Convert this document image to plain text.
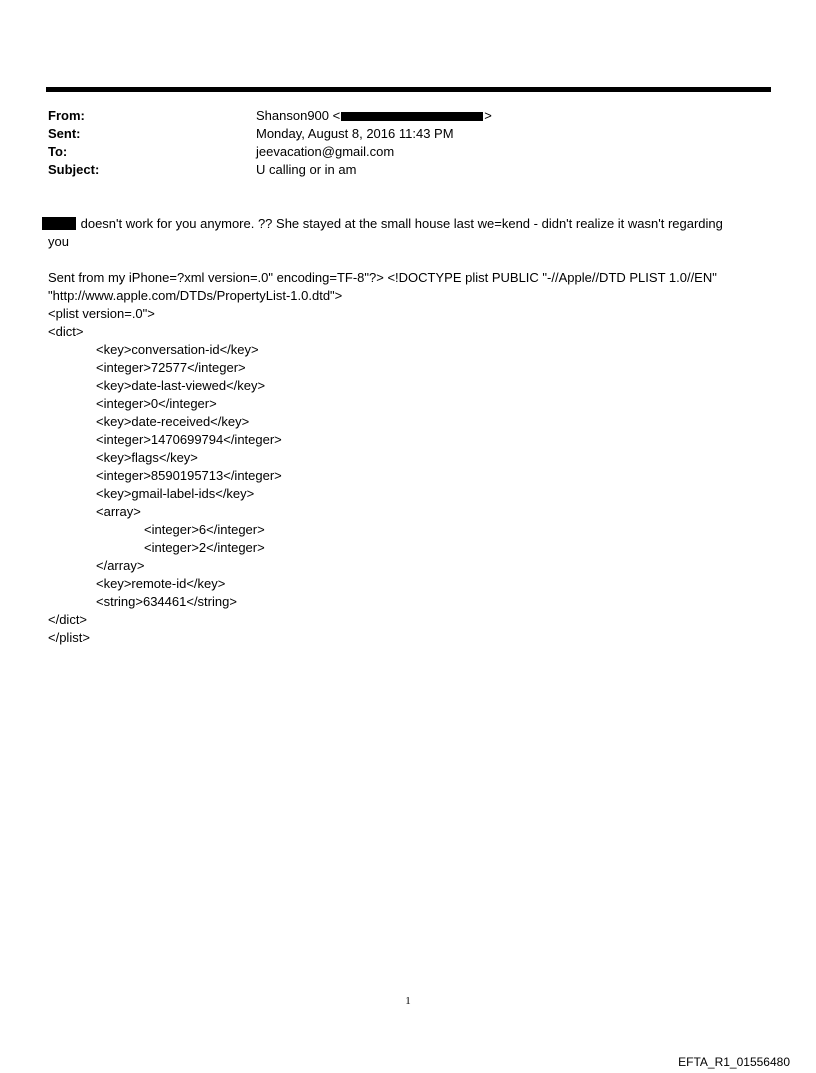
From:	Shanson900 <	>
Sent:	Monday, August 8, 2016 11:43 PM
To:	jeevacation@gmail.com
Subject:	U calling or in am
doesn't work for you anymore. ?? She stayed at the small house last we=kend - didn't realize it wasn't regarding
you
Sent from my iPhone=?xml version=.0" encoding=TF-8"?> <!DOCTYPE plist PUBLIC "-//Apple//DTD PLIST 1.0//EN"
"http://www.apple.com/DTDs/PropertyList-1.0.dtd">
<plist version=.0">
<dict>
<key>conversation-id</key>
<integer>72577</integer>
<key>date-last-viewed</key>
<integer>0</integer>
<key>date-received</key>
<integer>1470699794</integer>
<key>flags</key>
<integer>8590195713</integer>
<key>gmail-label-ids</key>
<array>
<integer>6</integer>
<integer>2</integer>
</array>
<key>remote-id</key>
<string>634461</string>
</dict>
</plist>
1
EFTA_R1_01556480
